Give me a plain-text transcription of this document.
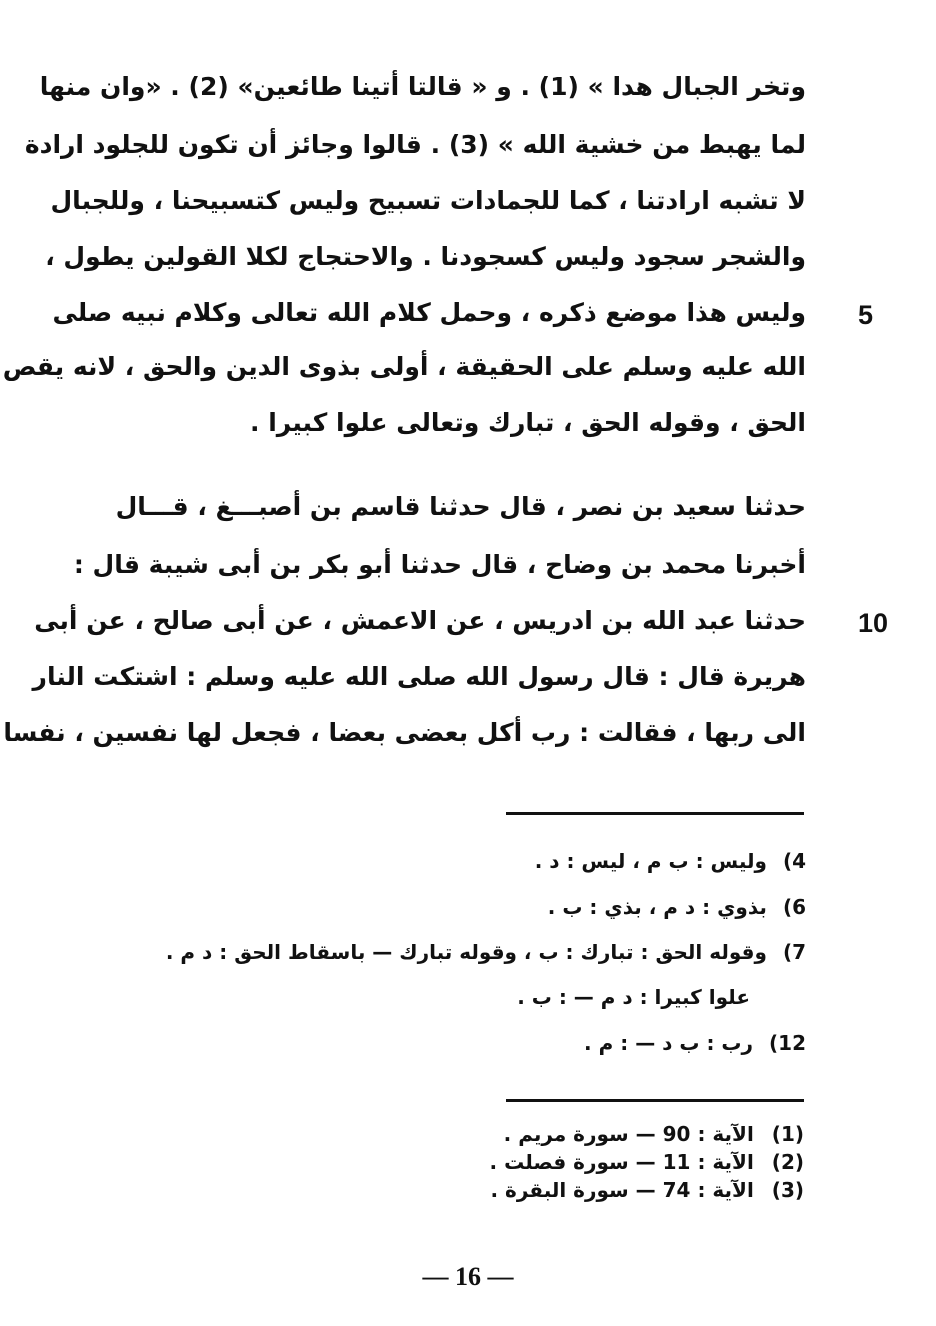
وتخر الجبال هدا » (1) . و « قالتا أتينا طائعين» (2) . «وان منها
لما يهبط من خشية الله » (3) . قالوا وجائز أن تكون للجلود ارادة
لا تشبه ارادتنا ، كما للجمادات تسبيح وليس كتسبيحنا ، وللجبال
والشجر سجود وليس كسجودنا . والاحتجاج لكلا القولين يطول ،
وليس هذا موضع ذكره ، وحمل كلام الله تعالى وكلام نبيه صلى
الله عليه وسلم على الحقيقة ، أولى بذوى الدين والحق ، لانه يقص
الحق ، وقوله الحق ، تبارك وتعالى علوا كبيرا .
حدثنا سعيد بن نصر ، قال حدثنا قاسم بن أصبـــغ ، قـــال
أخبرنا محمد بن وضاح ، قال حدثنا أبو بكر بن أبى شيبة قال :
حدثنا عبد الله بن ادريس ، عن الاعمش ، عن أبى صالح ، عن أبى
هريرة قال : قال رسول الله صلى الله عليه وسلم : اشتكت النار
الى ربها ، فقالت : رب أكل بعضى بعضا ، فجعل لها نفسين ، نفسا
5
10
4)وليس : ب م ، ليس : د .
6)بذوي : د م ، بذي : ب .
7)وقوله الحق : تبارك : ب ، وقوله تبارك — باسقاط الحق : د م .
علوا كبيرا : د م — : ب .
12)رب : ب د — : م .
(1)الآية : 90 — سورة مريم .
(2)الآية : 11 — سورة فصلت .
(3)الآية : 74 — سورة البقرة .
— 16 —
